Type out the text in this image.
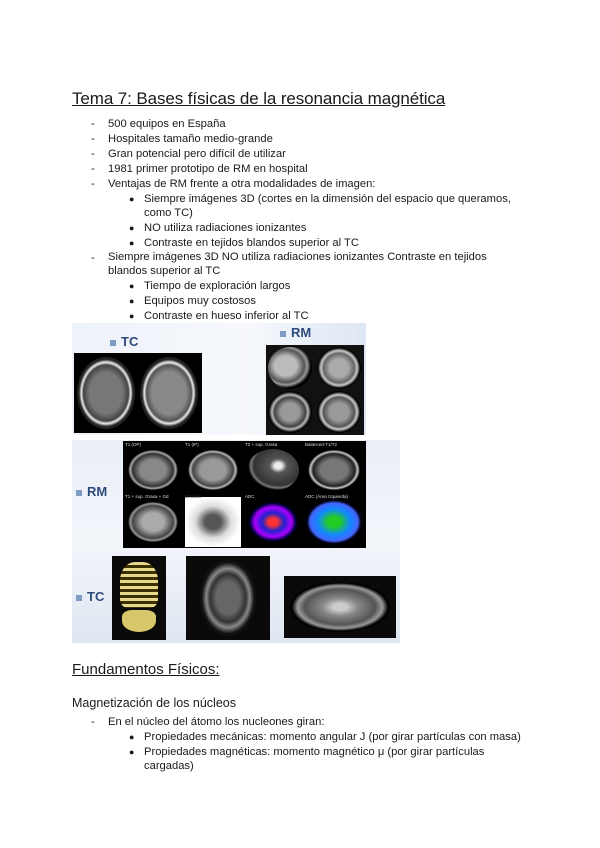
Tema 7: Bases físicas de la resonancia magnética
- 500 equipos en España
- Hospitales tamaño medio-grande
- Gran potencial pero difícil de utilizar
- 1981 primer prototipo de RM en hospital
- Ventajas de RM frente a otra modalidades de imagen:
● Siempre imágenes 3D (cortes en la dimensión del espacio que queramos,
como TC)
● NO utiliza radiaciones ionizantes
● Contraste en tejidos blandos superior al TC
- Siempre imágenes 3D NO utiliza radiaciones ionizantes Contraste en tejidos
blandos superior al TC
● Tiempo de exploración largos
● Equipos muy costosos
● Contraste en hueso inferior al TC
TC
RM
RM
TC
T1 (OP)	T1 (IP)	T2 + sup. Grasa	Balanced-T1/T2
T1 + sup. Grasa + Gd	Difusión	ADC	ADC (Área Izquierda)
Fundamentos Físicos:
Magnetización de los núcleos
- En el núcleo del átomo los nucleones giran:
● Propiedades mecánicas: momento angular J (por girar partículas con masa)
● Propiedades magnéticas: momento magnético μ (por girar partículas
cargadas)
